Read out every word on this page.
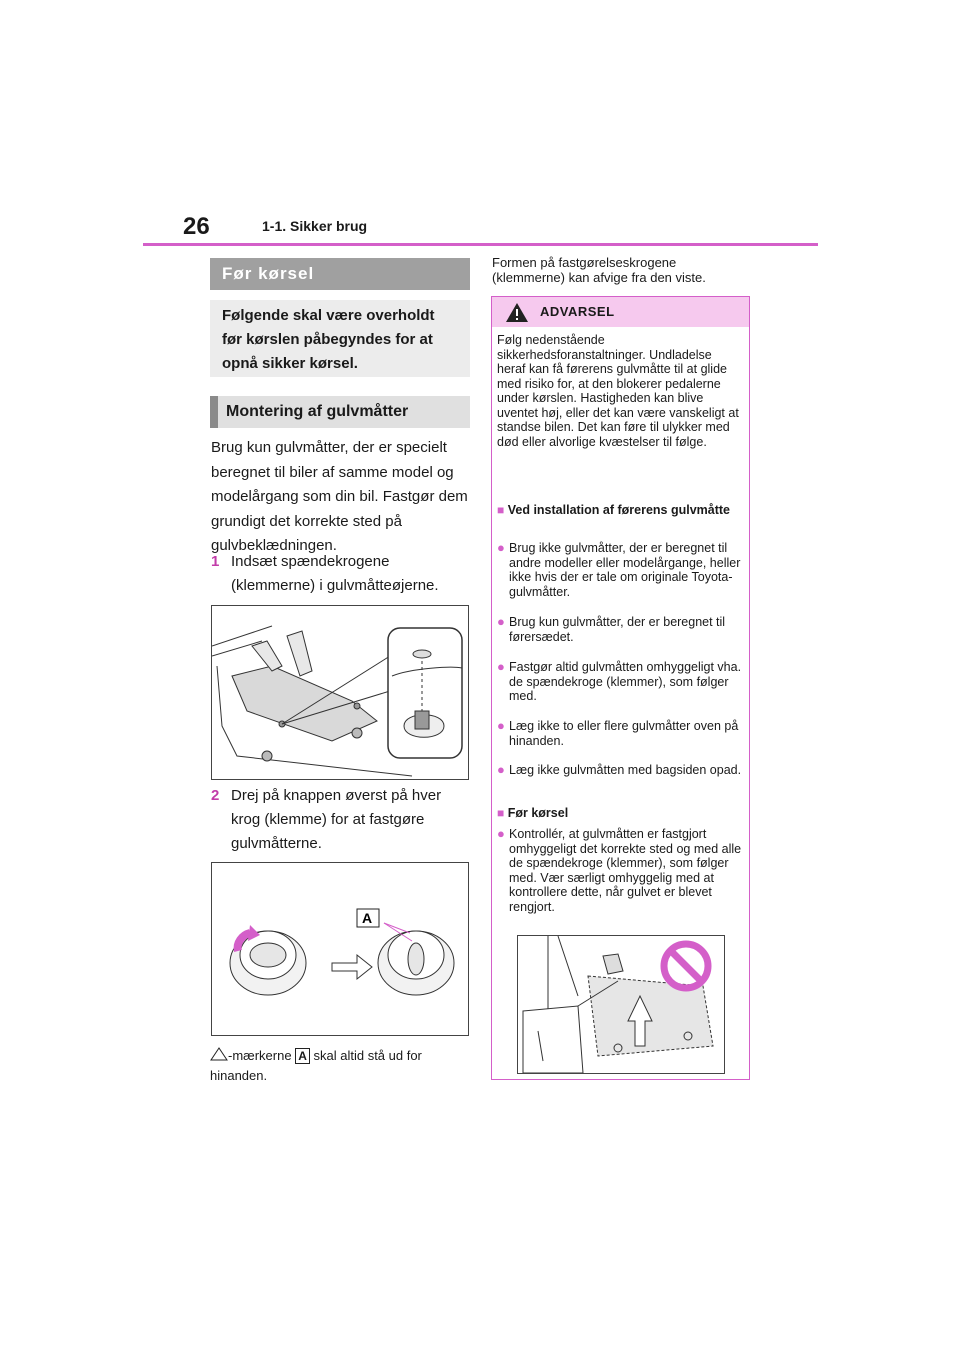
26	1-1. Sikker brug
Før kørsel
Følgende skal være overholdt før kørslen påbegyndes for at opnå sikker kørsel.
Montering af gulvmåtter
Brug kun gulvmåtter, der er specielt beregnet til biler af samme model og modelårgang som din bil. Fastgør dem grundigt det korrekte sted på gulvbeklædningen.
1 Indsæt spændekrogene (klemmerne) i gulvmåtteøjerne.
2 Drej på knappen øverst på hver krog (klemme) for at fastgøre gulvmåtterne.
A
-mærkerne A skal altid stå ud for hinanden.
Formen på fastgørelseskrogene (klemmerne) kan afvige fra den viste.
ADVARSEL
Følg nedenstående sikkerhedsforanstaltninger. Undladelse heraf kan få førerens gulvmåtte til at glide med risiko for, at den blokerer pedalerne under kørslen. Hastigheden kan blive uventet høj, eller det kan være vanskeligt at standse bilen. Det kan føre til ulykker med død eller alvorlige kvæstelser til følge.
■ Ved installation af førerens gulvmåtte
● Brug ikke gulvmåtter, der er beregnet til andre modeller eller modelårgange, heller ikke hvis der er tale om originale Toyota-gulvmåtter.
● Brug kun gulvmåtter, der er beregnet til førersædet.
● Fastgør altid gulvmåtten omhyggeligt vha. de spændekroge (klemmer), som følger med.
● Læg ikke to eller flere gulvmåtter oven på hinanden.
● Læg ikke gulvmåtten med bagsiden opad.
■ Før kørsel
● Kontrollér, at gulvmåtten er fastgjort omhyggeligt det korrekte sted og med alle de spændekroge (klemmer), som følger med. Vær særligt omhyggelig med at kontrollere dette, når gulvet er blevet rengjort.
